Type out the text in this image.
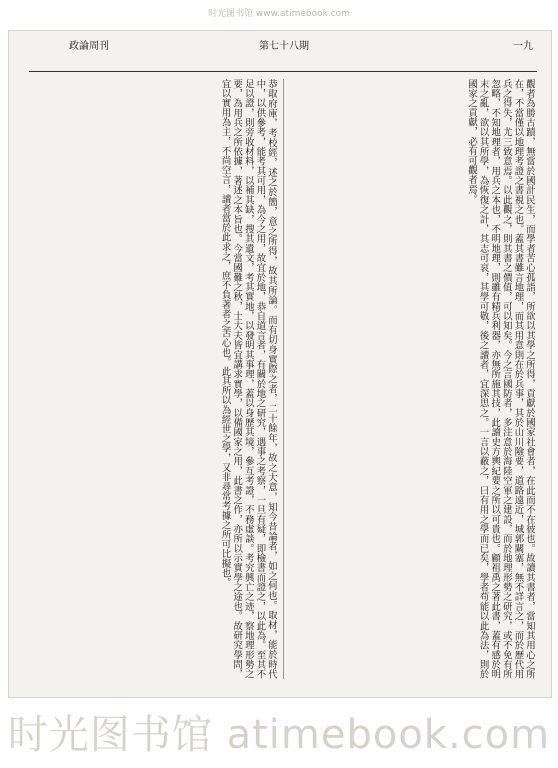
时光图书馆 www.atimebook.com
政論周刊	第七十八期	一九

恭取府庫，考校經，述之於簡，意之所得，故其所論。而有切身實際之者，二十餘年，故之大意，知今昔論者，如之何也。取材，能於時代中，以供參考，能考其可用，為今之用，故宜於地，恭自道言者，有關於地之研究，遇事之考察，一旦有疑，即檢書而證之，以此為。至其不足以證，則旁收材料，以補其缺，搜其遺文，考其實地，以發明其事理，蓋以身歷其境，參互考證，不務虛談。考究興亡之迹，察地理形勢之要，為用兵之所依據，著述之本旨也。今當國難之秋，士大夫皆宜講求實學，以備國家之用，此書之作，亦所以示實學之途也。故研究學問，宜以實用為主，不尚空言，讀者當於此求之，庶不負著者之苦心也。此其所以為經世之學，又非尋常考據之所可比擬也。	觀者為勝古蹟，無當於國計民生，而學者苦心孤詣，所欲以其學之所得，貢獻於國家社會者，在此而不在彼也。故讀其書者，當知其用心之所在，不當僅以地理考證之書視之也。蓋其書雖言地理，而其用意則在於兵事，其於山川險要，道路遠近，城郭關塞，無不詳言之，而於歷代用兵之得失，尤三致意焉。以此觀之，則其書之價值，可以知矣。今之言國防者，多注意於海陸空軍之建設，而於地理形勢之研究，或不免有所忽略，不知地理者，用兵之本也，不明地理，則雖有精兵利器，亦無所施其技，此讀史方輿紀要之所以可貴也。顧祖禹之著此書，蓋有感於明末之亂，欲以其所學，為恢復之計，其志可哀，其學可敬，後之讀者，宜深思之。一言以蔽之，曰有用之學而已矣，學者苟能以此為法，則於國家之貢獻，必有可觀者焉。

时光图书馆 atimebook.com
